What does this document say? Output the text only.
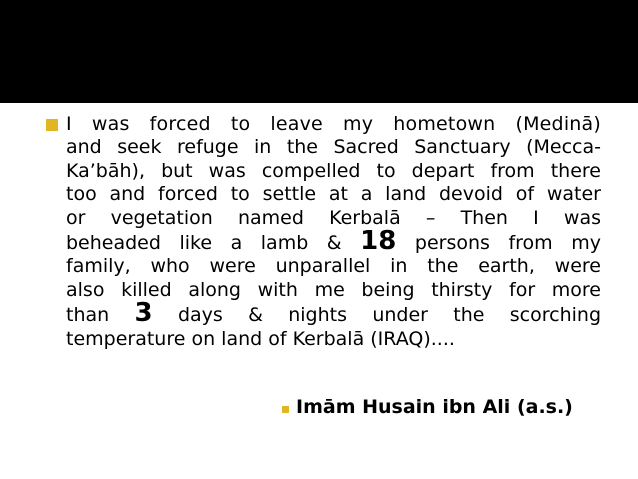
I was forced to leave my hometown (Medinā)
and seek refuge in the Sacred Sanctuary (Mecca-
Ka’bāh), but was compelled to depart from there
too and forced to settle at a land devoid of water
or vegetation named Kerbalā – Then I was
beheaded like a lamb & 18 persons from my
family, who were unparallel in the earth, were
also killed along with me being thirsty for more
than 3 days & nights under the scorching
temperature on land of Kerbalā (IRAQ)....
Imām Husain ibn Ali (a.s.)
